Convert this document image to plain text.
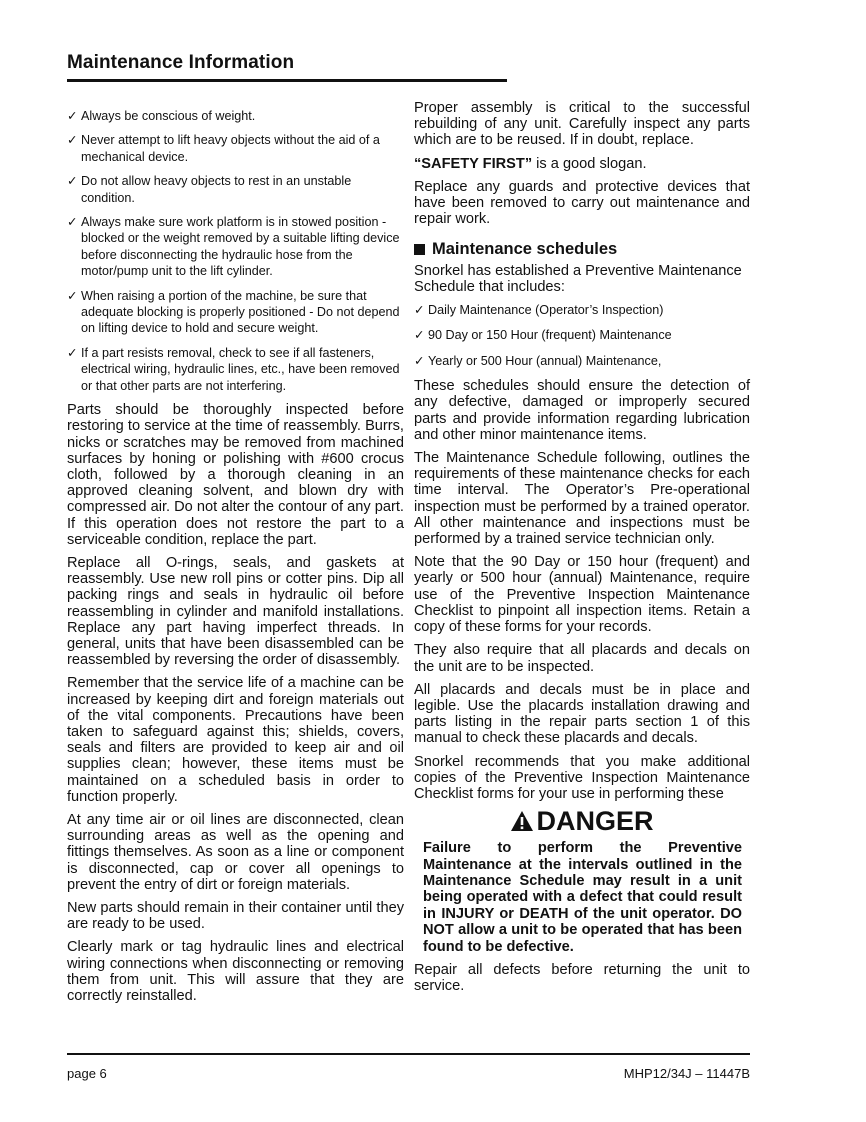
Maintenance Information
✓ Always be conscious of weight.
✓ Never attempt to lift heavy objects without the aid of a mechanical device.
✓ Do not allow heavy objects to rest in an unstable condition.
✓ Always make sure work platform is in stowed position - blocked or the weight removed by a suitable lifting device before disconnecting the hydraulic hose from the motor/pump unit to the lift cylinder.
✓ When raising a portion of the machine, be sure that adequate blocking is properly positioned - Do not depend on lifting device to hold and secure weight.
✓ If a part resists removal, check to see if all fasteners, electrical wiring, hydraulic lines, etc., have been removed or that other parts are not interfering.

Parts should be thoroughly inspected before restoring to service at the time of reassembly. Burrs, nicks or scratches may be removed from machined surfaces by honing or polishing with #600 crocus cloth, followed by a thorough cleaning in an approved cleaning solvent, and blown dry with compressed air. Do not alter the contour of any part. If this operation does not restore the part to a serviceable condition, replace the part.

Replace all O-rings, seals, and gaskets at reassembly. Use new roll pins or cotter pins. Dip all packing rings and seals in hydraulic oil before reassembling in cylinder and manifold installations. Replace any part having imperfect threads. In general, units that have been disassembled can be reassembled by reversing the order of disassembly.

Remember that the service life of a machine can be increased by keeping dirt and foreign materials out of the vital components. Precautions have been taken to safeguard against this; shields, covers, seals and filters are provided to keep air and oil supplies clean; however, these items must be maintained on a scheduled basis in order to function properly.

At any time air or oil lines are disconnected, clean surrounding areas as well as the opening and fittings themselves. As soon as a line or component is disconnected, cap or cover all openings to prevent the entry of dirt or foreign materials.

New parts should remain in their container until they are ready to be used.

Clearly mark or tag hydraulic lines and electrical wiring connections when disconnecting or removing them from unit. This will assure that they are correctly reinstalled.

Proper assembly is critical to the successful rebuilding of any unit. Carefully inspect any parts which are to be reused. If in doubt, replace.

“SAFETY FIRST” is a good slogan.

Replace any guards and protective devices that have been removed to carry out maintenance and repair work.

Maintenance schedules

Snorkel has established a Preventive Maintenance Schedule that includes:

✓ Daily Maintenance (Operator’s Inspection)
✓ 90 Day or 150 Hour (frequent) Maintenance
✓ Yearly or 500 Hour (annual) Maintenance,

These schedules should ensure the detection of any defective, damaged or improperly secured parts and provide information regarding lubrication and other minor maintenance items.

The Maintenance Schedule following, outlines the requirements of these maintenance checks for each time interval. The Operator’s Pre-operational inspection must be performed by a trained operator. All other maintenance and inspections must be performed by a trained service technician only.

Note that the 90 Day or 150 hour (frequent) and yearly or 500 hour (annual) Maintenance, require use of the Preventive Inspection Maintenance Checklist to pinpoint all inspection items. Retain a copy of these forms for your records.

They also require that all placards and decals on the unit are to be inspected.

All placards and decals must be in place and legible. Use the placards installation drawing and parts listing in the repair parts section 1 of this manual to check these placards and decals.

Snorkel recommends that you make additional copies of the Preventive Inspection Maintenance Checklist forms for your use in performing these

DANGER

Failure to perform the Preventive Maintenance at the intervals outlined in the Maintenance Schedule may result in a unit being operated with a defect that could result in INJURY or DEATH of the unit operator. DO NOT allow a unit to be operated that has been found to be defective.

Repair all defects before returning the unit to service.

page 6	MHP12/34J – 11447B
